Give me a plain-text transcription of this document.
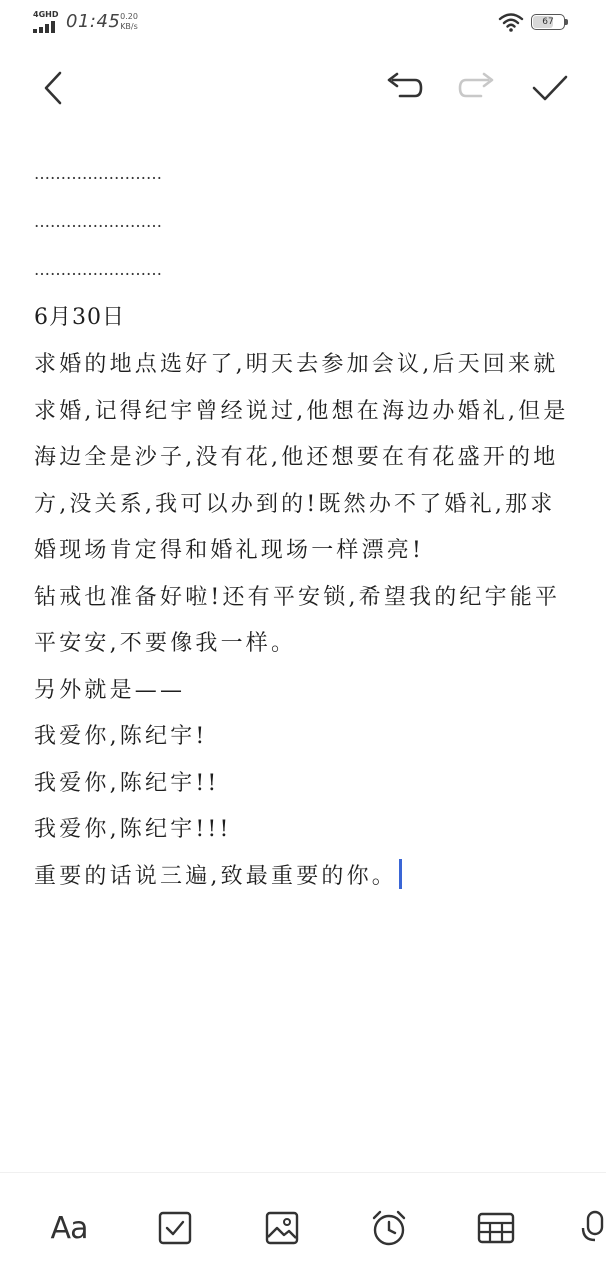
4GHD 01:45 0.20
KB/s	67
……………………
……………………
……………………
6月30日
求婚的地点选好了,明天去参加会议,后天回来就求婚,记得纪宇曾经说过,他想在海边办婚礼,但是海边全是沙子,没有花,他还想要在有花盛开的地方,没关系,我可以办到的!既然办不了婚礼,那求婚现场肯定得和婚礼现场一样漂亮!
钻戒也准备好啦!还有平安锁,希望我的纪宇能平平安安,不要像我一样。
另外就是——
我爱你,陈纪宇!
我爱你,陈纪宇!!
我爱你,陈纪宇!!!
重要的话说三遍,致最重要的你。
Aa
